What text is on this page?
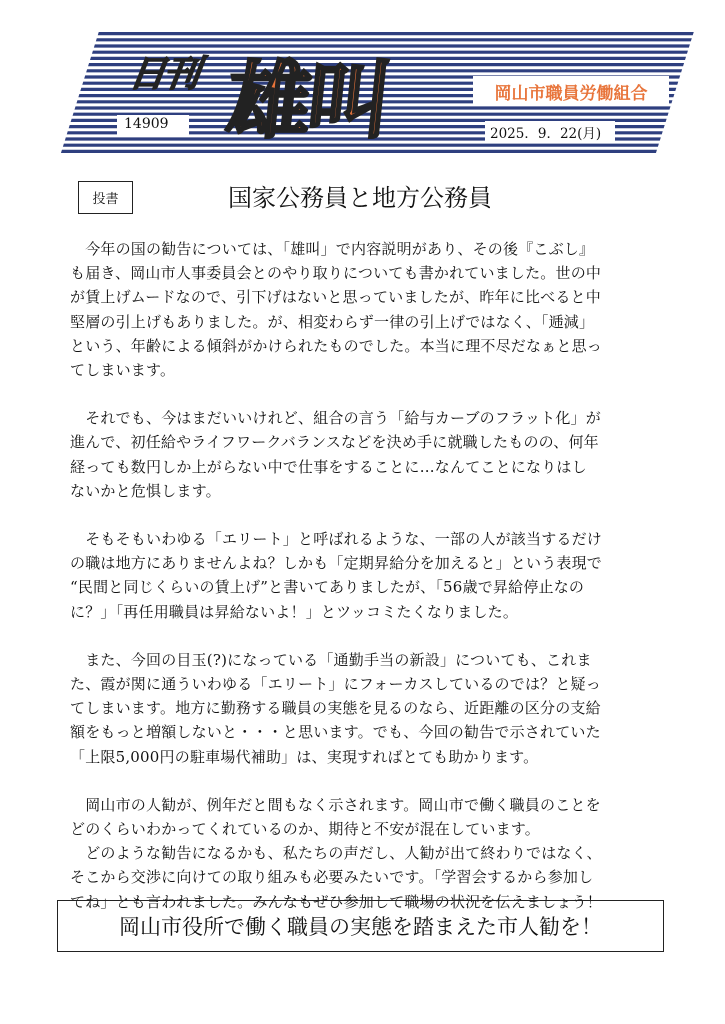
日刊 雄叫	岡山市職員労働組合
14909
2025．9．22(月)
投書	国家公務員と地方公務員

　今年の国の勧告については、「雄叫」で内容説明があり、その後『こぶし』
も届き、岡山市人事委員会とのやり取りについても書かれていました。世の中
が賃上げムードなので、引下げはないと思っていましたが、昨年に比べると中
堅層の引上げもありました。が、相変わらず一律の引上げではなく、「逓減」
という、年齢による傾斜がかけられたものでした。本当に理不尽だなぁと思っ
てしまいます。

　それでも、今はまだいいけれど、組合の言う「給与カーブのフラット化」が
進んで、初任給やライフワークバランスなどを決め手に就職したものの、何年
経っても数円しか上がらない中で仕事をすることに…なんてことになりはし
ないかと危惧します。

　そもそもいわゆる「エリート」と呼ばれるような、一部の人が該当するだけ
の職は地方にありませんよね？しかも「定期昇給分を加えると」という表現で
“民間と同じくらいの賃上げ”と書いてありましたが、「56歳で昇給停止なの
に？」「再任用職員は昇給ないよ！」とツッコミたくなりました。

　また、今回の目玉(?)になっている「通勤手当の新設」についても、これま
た、霞が関に通ういわゆる「エリート」にフォーカスしているのでは？と疑っ
てしまいます。地方に勤務する職員の実態を見るのなら、近距離の区分の支給
額をもっと増額しないと・・・と思います。でも、今回の勧告で示されていた
「上限5,000円の駐車場代補助」は、実現すればとても助かります。

　岡山市の人勧が、例年だと間もなく示されます。岡山市で働く職員のことを
どのくらいわかってくれているのか、期待と不安が混在しています。
　どのような勧告になるかも、私たちの声だし、人勧が出て終わりではなく、
そこから交渉に向けての取り組みも必要みたいです。「学習会するから参加し
てね」とも言われました。みんなもぜひ参加して職場の状況を伝えましょう！

岡山市役所で働く職員の実態を踏まえた市人勧を！
